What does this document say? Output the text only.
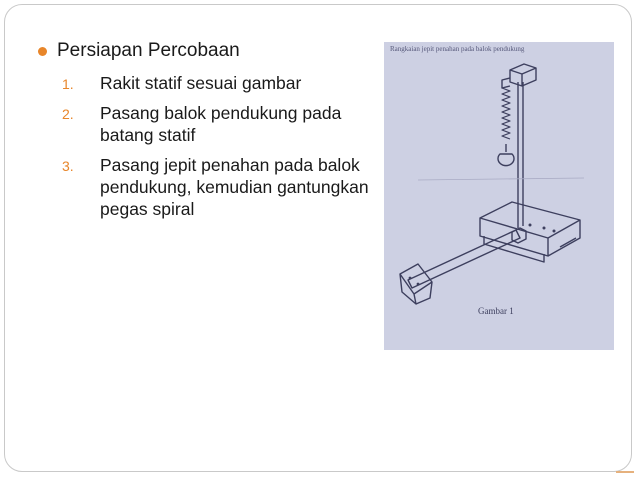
Persiapan Percobaan
1.	Rakit statif sesuai gambar
2.	Pasang balok pendukung pada batang statif
3.	Pasang jepit penahan pada balok pendukung, kemudian gantungkan pegas spiral
Rangkaian jepit penahan pada balok pendukung
Gambar 1
